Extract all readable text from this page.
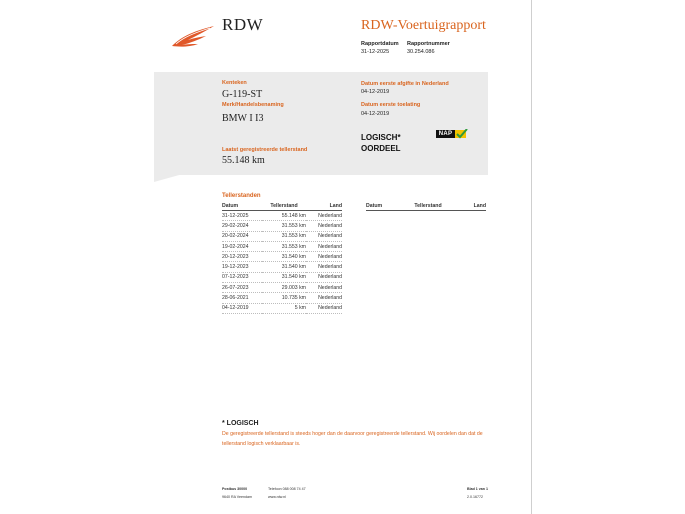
RDW	RDW-Voertuigrapport
Rapportdatum
31-12-2025
Rapportnummer
30.254.086
Kenteken
G-119-ST
Merk/Handelsbenaming
BMW I I3
Datum eerste afgifte in Nederland
04-12-2019
Datum eerste toelating
04-12-2019
LOGISCH*
OORDEEL
NAP
Laatst geregistreerde tellerstand
55.148 km
Tellerstanden
Datum	Tellerstand	Land
31-12-2025	55.148 km	Nederland
29-02-2024	31.553 km	Nederland
20-02-2024	31.553 km	Nederland
19-02-2024	31.553 km	Nederland
20-12-2023	31.540 km	Nederland
19-12-2023	31.540 km	Nederland
07-12-2023	31.540 km	Nederland
26-07-2023	29.003 km	Nederland
28-06-2021	10.735 km	Nederland
04-12-2019	5 km	Nederland
Datum	Tellerstand	Land
* LOGISCH
De geregistreerde tellerstand is steeds hoger dan de daarvoor geregistreerde tellerstand. Wij oordelen dan dat de tellerstand logisch verklaarbaar is.
Postbus 30000
9640 RA Veendam
Telefoon 088 008 74 47
www.rdw.nl
Blad 1 van 1
2.0.16772
